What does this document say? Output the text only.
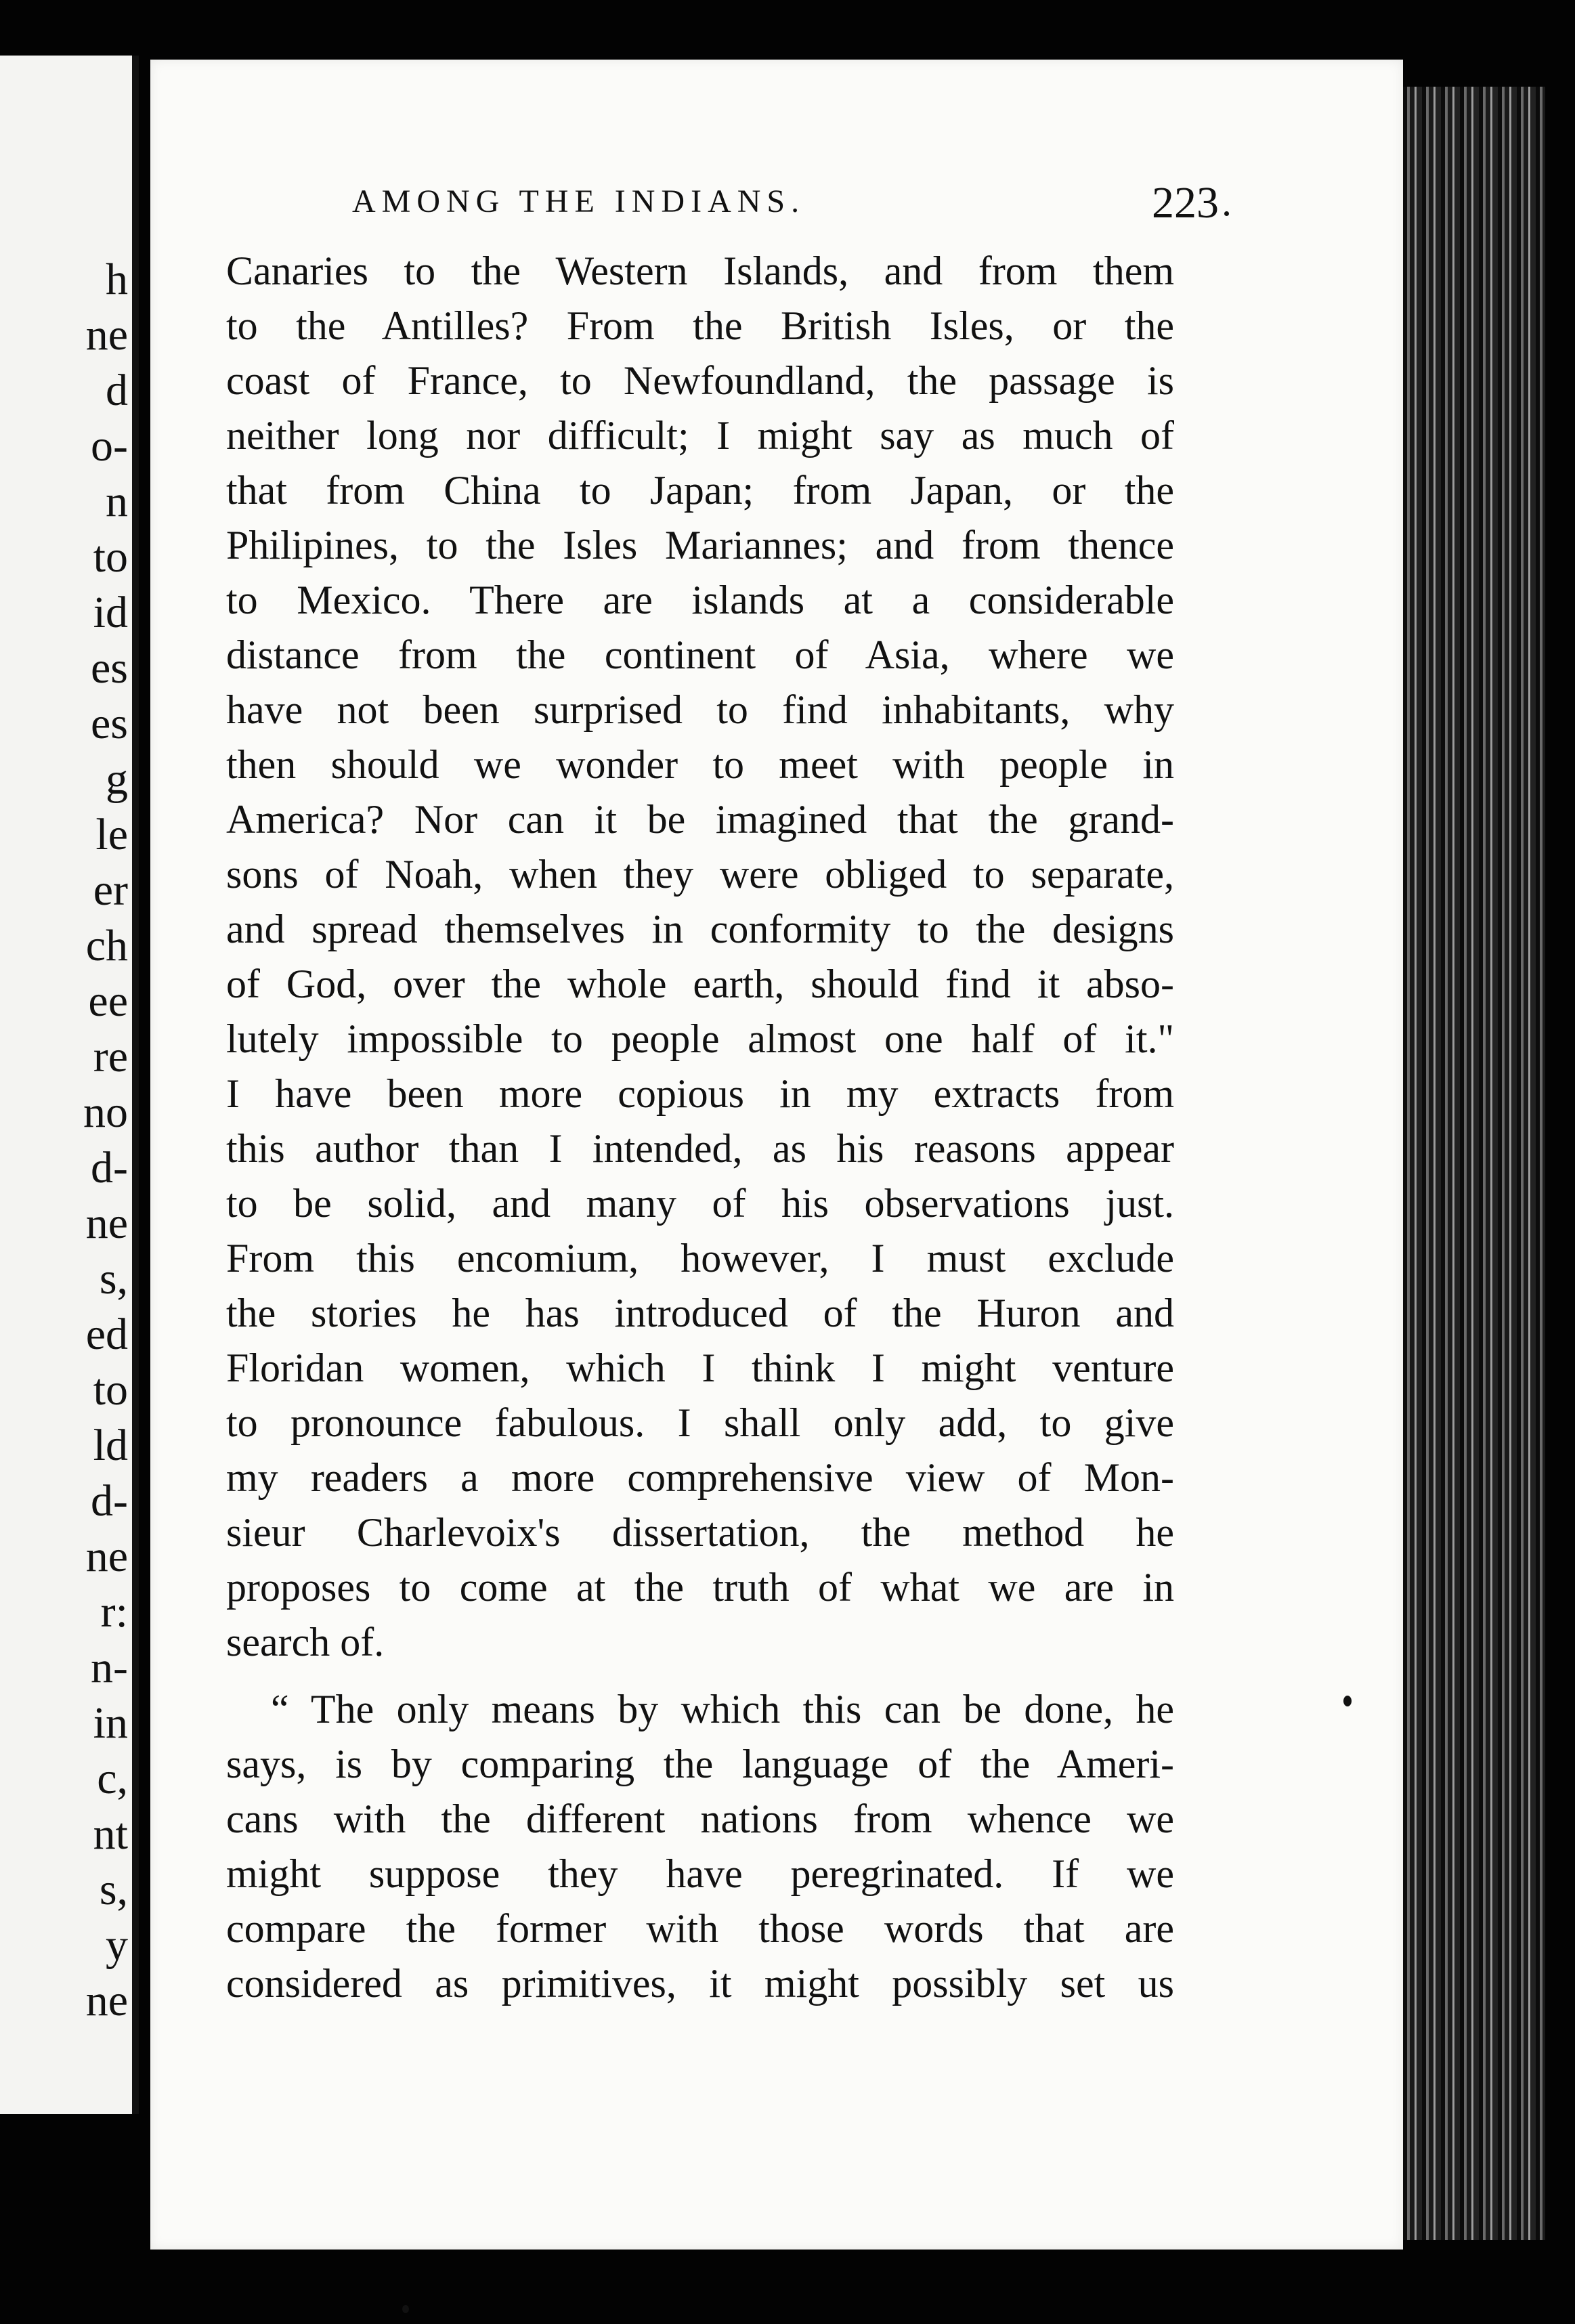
h
ne
d
o-
n
to
id
es
es
g
le
er
ch
ee
re
no
d-
ne
s,
ed
to
ld
d-
ne
r:
n-
in
c,
nt
s,
y
ne
AMONG THE INDIANS.	223
Canaries to the Western Islands, and from them
to the Antilles? From the British Isles, or the
coast of France, to Newfoundland, the passage is
neither long nor difficult; I might say as much of
that from China to Japan; from Japan, or the
Philipines, to the Isles Mariannes; and from thence
to Mexico. There are islands at a considerable
distance from the continent of Asia, where we
have not been surprised to find inhabitants, why
then should we wonder to meet with people in
America? Nor can it be imagined that the grand-
sons of Noah, when they were obliged to separate,
and spread themselves in conformity to the designs
of God, over the whole earth, should find it abso-
lutely impossible to people almost one half of it."
I have been more copious in my extracts from
this author than I intended, as his reasons appear
to be solid, and many of his observations just.
From this encomium, however, I must exclude
the stories he has introduced of the Huron and
Floridan women, which I think I might venture
to pronounce fabulous. I shall only add, to give
my readers a more comprehensive view of Mon-
sieur Charlevoix's dissertation, the method he
proposes to come at the truth of what we are in
search of.
“ The only means by which this can be done, he
says, is by comparing the language of the Ameri-
cans with the different nations from whence we
might suppose they have peregrinated. If we
compare the former with those words that are
considered as primitives, it might possibly set us
